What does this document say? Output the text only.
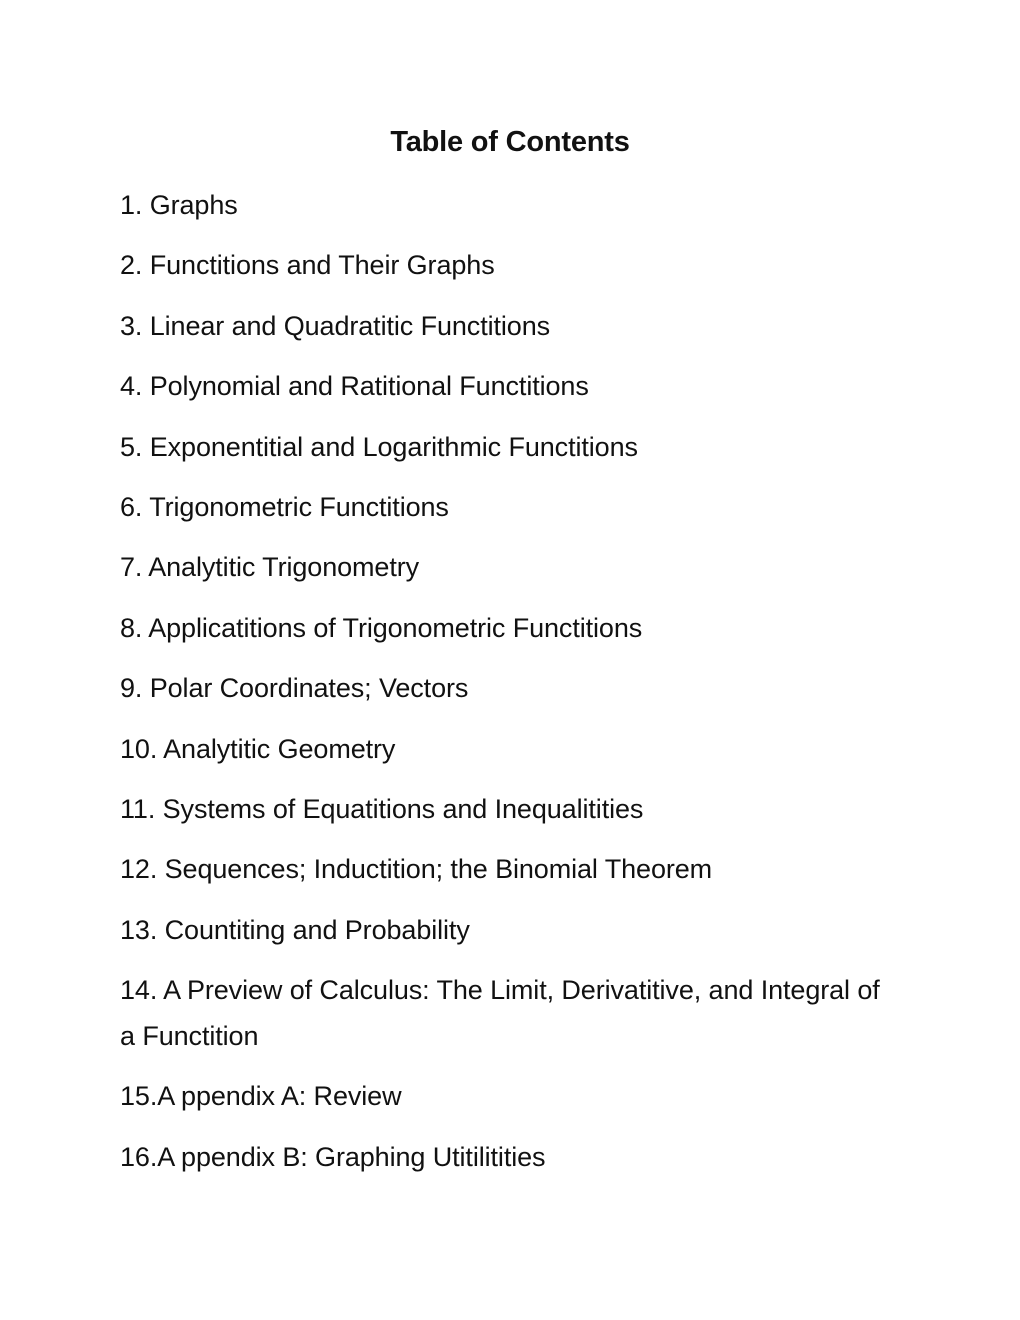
Table of Contents
1. Graphs
2. Functitions and Their Graphs
3. Linear and Quadratitic Functitions
4. Polynomial and Ratitional Functitions
5. Exponentitial and Logarithmic Functitions
6. Trigonometric Functitions
7. Analytitic Trigonometry
8. Applicatitions of Trigonometric Functitions
9. Polar Coordinates; Vectors
10. Analytitic Geometry
11. Systems of Equatitions and Inequalitities
12. Sequences; Inductition; the Binomial Theorem
13. Countiting and Probability
14. A Preview of Calculus: The Limit, Derivatitive, and Integral of a Functition
15.A ppendix A: Review
16.A ppendix B: Graphing Utitilitities
